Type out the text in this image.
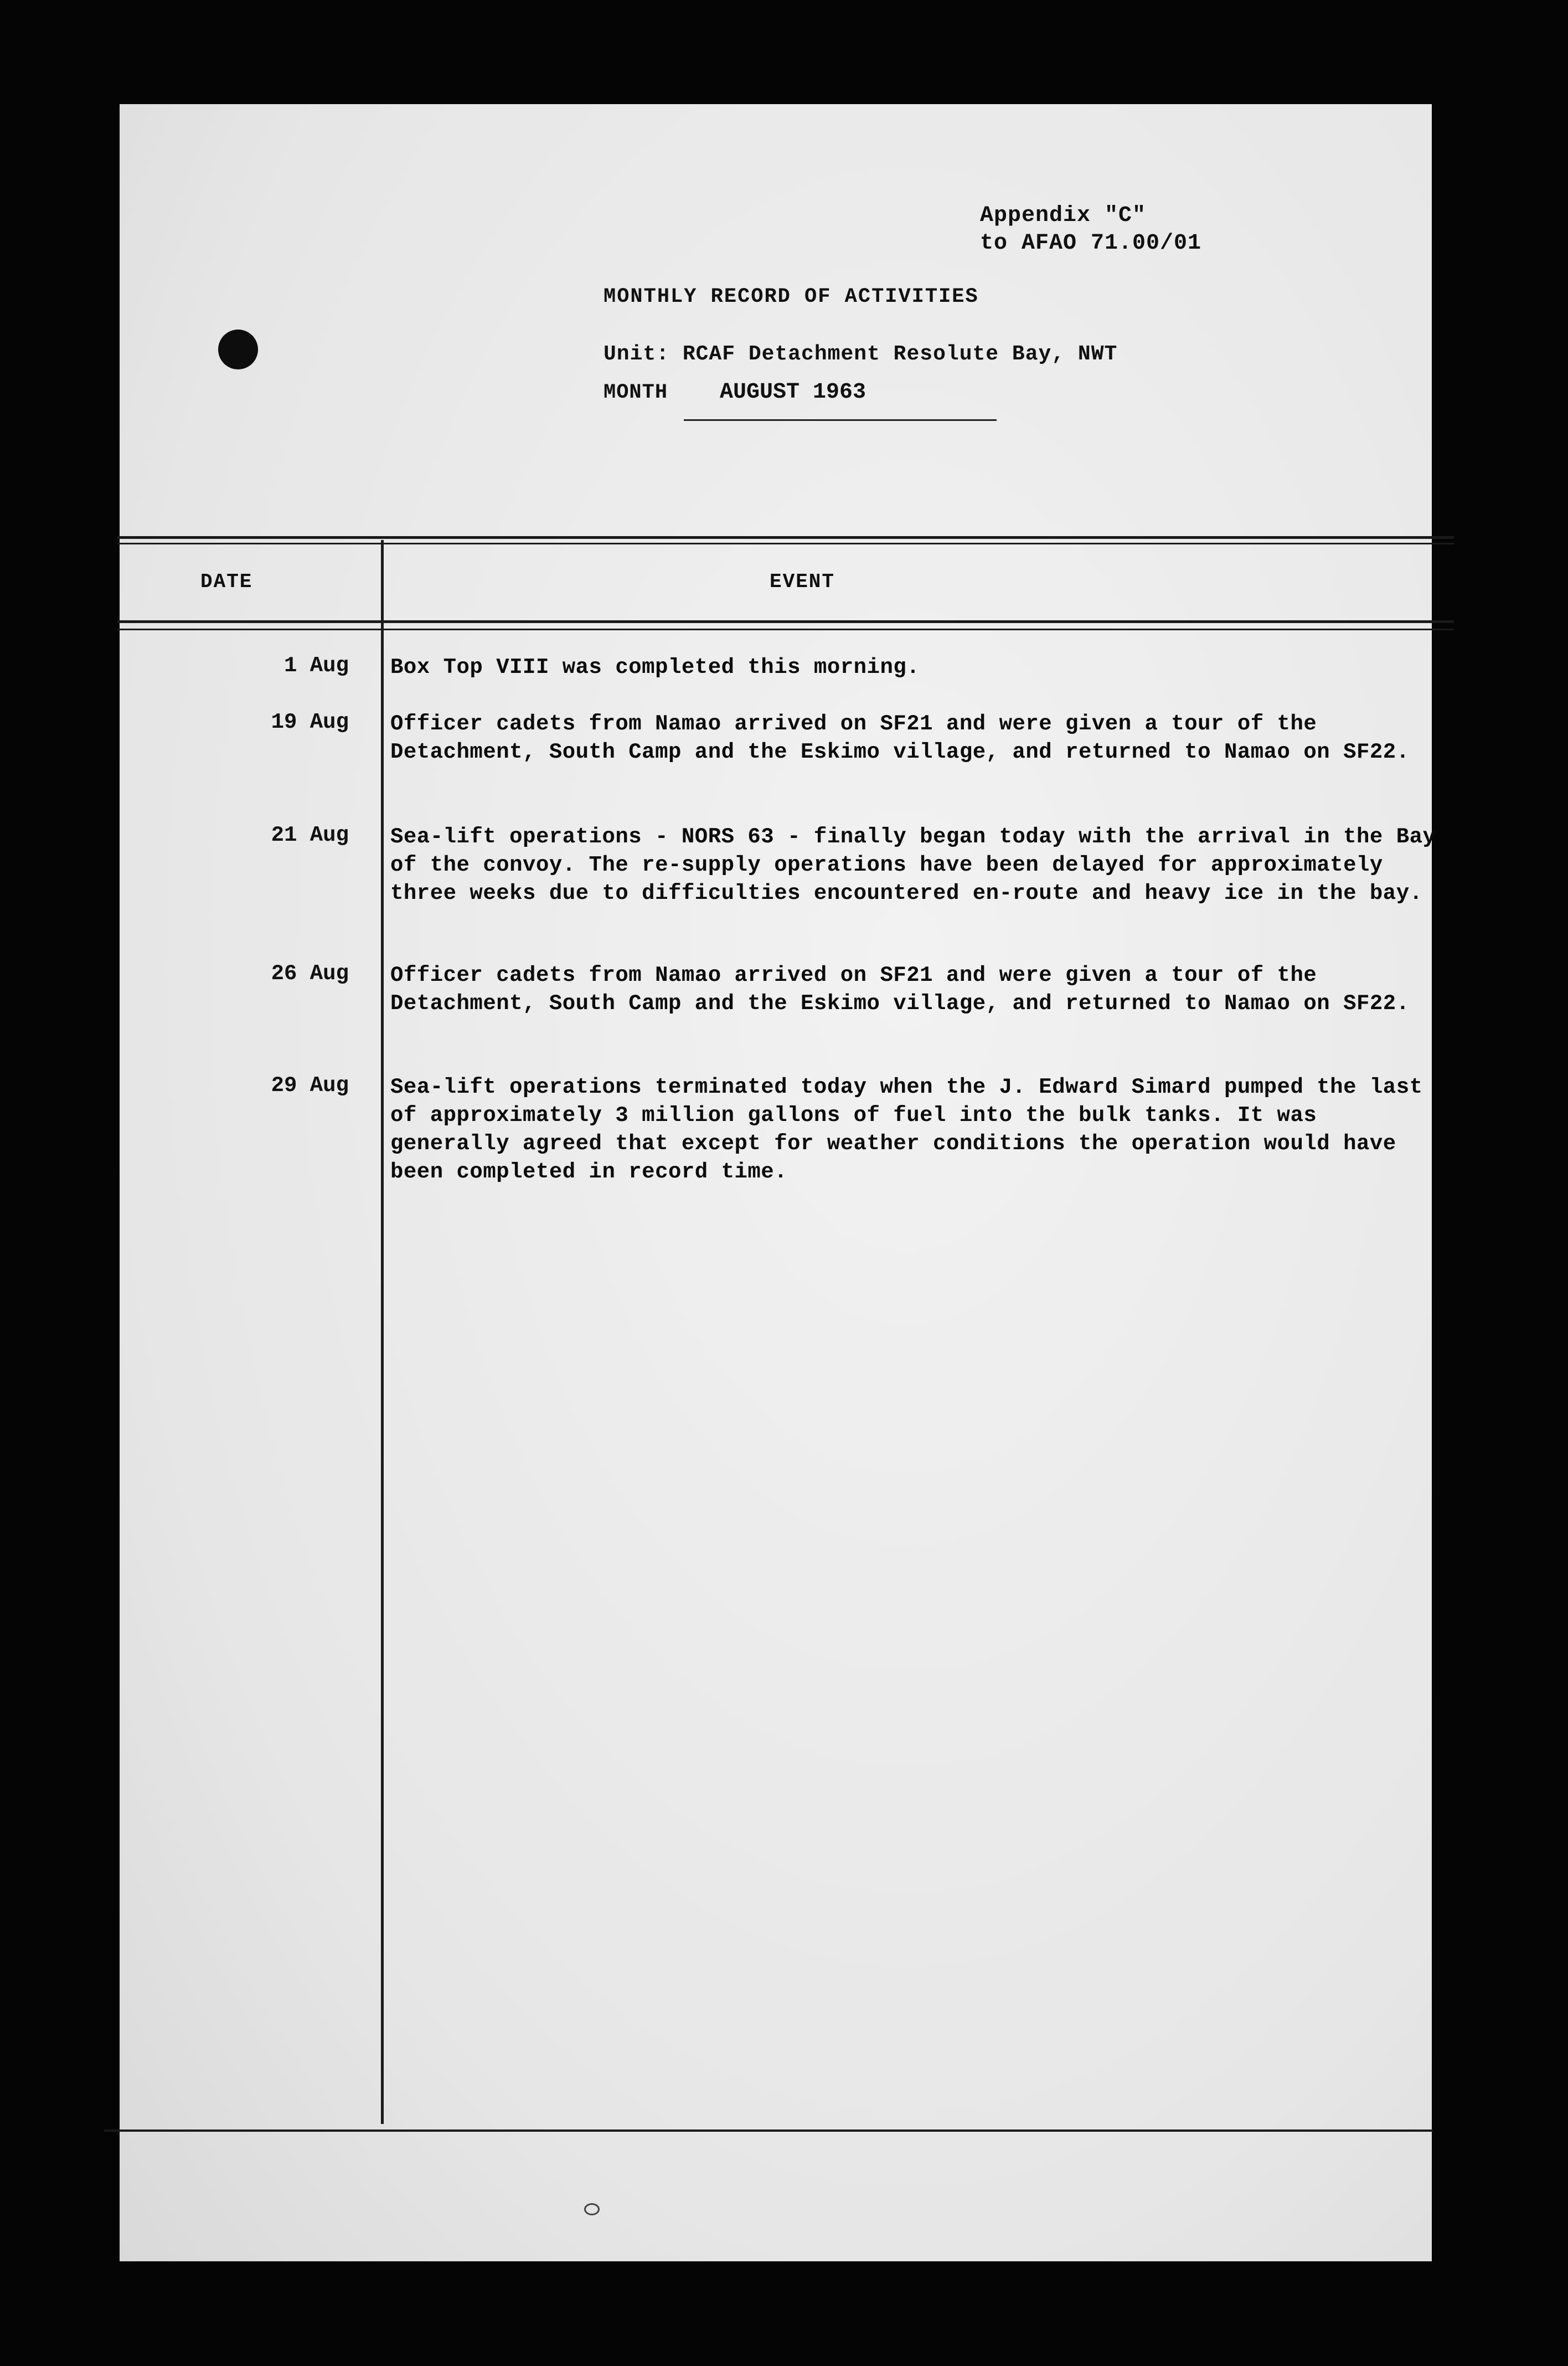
Appendix "C"
to AFAO 71.00/01
MONTHLY RECORD OF ACTIVITIES
Unit: RCAF Detachment Resolute Bay, NWT
MONTH AUGUST 1963
DATE	EVENT
1 Aug Box Top VIII was completed this morning.
19 Aug Officer cadets from Namao arrived on SF21 and were given a tour of the Detachment, South Camp and the Eskimo village, and returned to Namao on SF22.
21 Aug Sea-lift operations - NORS 63 - finally began today with the arrival in the Bay of the convoy. The re-supply operations have been delayed for approximately three weeks due to difficulties encountered en-route and heavy ice in the bay.
26 Aug Officer cadets from Namao arrived on SF21 and were given a tour of the Detachment, South Camp and the Eskimo village, and returned to Namao on SF22.
29 Aug Sea-lift operations terminated today when the J. Edward Simard pumped the last of approximately 3 million gallons of fuel into the bulk tanks. It was generally agreed that except for weather conditions the operation would have been completed in record time.
